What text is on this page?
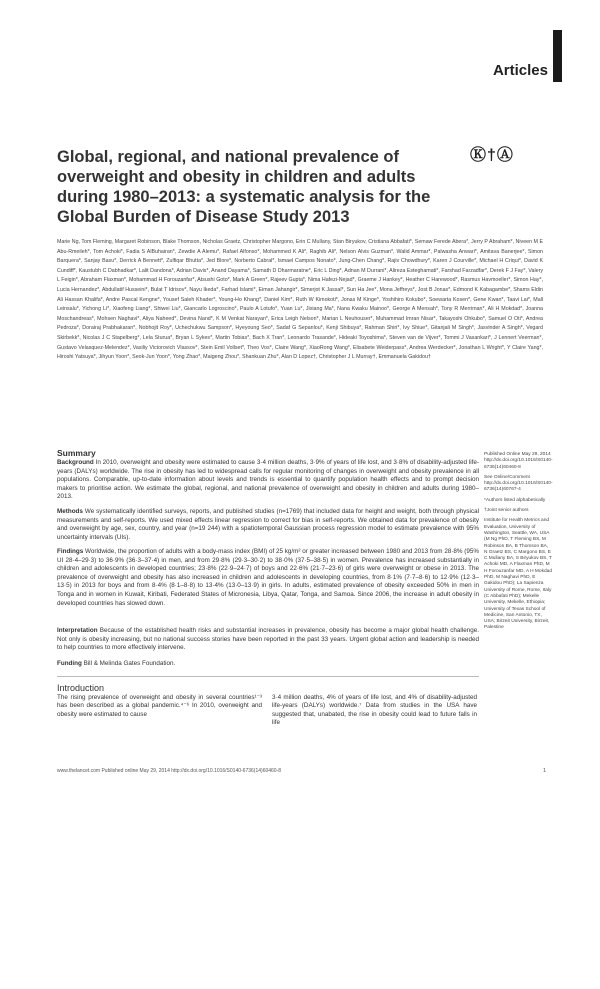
Articles
Ⓚ†Ⓐ
Global, regional, and national prevalence of overweight and obesity in children and adults during 1980–2013: a systematic analysis for the Global Burden of Disease Study 2013

Marie Ng, Tom Fleming, Margaret Robinson, Blake Thomson, Nicholas Graetz, Christopher Margono, Erin C Mullany, Stan Biryukov, Cristiana Abbafati*, Semaw Ferede Abera*, Jerry P Abraham*, Niveen M E Abu-Rmeileh*, Tom Achoki*, Fadia S AlBuhairan*, Zewdie A Alemu*, Rafael Alfonso*, Mohammed K Ali*, Raghib Ali*, Nelson Alvis Guzman*, Walid Ammar*, Palwasha Anwari*, Amitava Banerjee*, Simon Barquera*, Sanjay Basu*, Derrick A Bennett*, Zulfiqar Bhutta*, Jed Blore*, Norberto Cabral*, Ismael Campos Nonato*, Jung-Chen Chang*, Rajiv Chowdhury*, Karen J Courville*, Michael H Criqui*, David K Cundiff*, Kaustubh C Dabhadkar*, Lalit Dandona*, Adrian Davis*, Anand Dayama*, Samath D Dharmaratne*, Eric L Ding*, Adnan M Durrani*, Alireza Esteghamati*, Farshad Farzadfar*, Derek F J Fay*, Valery L Feigin*, Abraham Flaxman*, Mohammad H Forouzanfar*, Atsushi Goto*, Mark A Green*, Rajeev Gupta*, Nima Hafezi-Nejad*, Graeme J Hankey*, Heather C Harewood*, Rasmus Havmoeller*, Simon Hay*, Lucia Hernandez*, Abdullatif Husseini*, Bulat T Idrisov*, Nayu Ikeda*, Farhad Islami*, Eiman Jahangir*, Simerjot K Jassal*, Sun Ha Jee*, Mona Jeffreys*, Jost B Jonas*, Edmond K Kabagambe*, Shams Eldin Ali Hassan Khalifa*, Andre Pascal Kengne*, Yousef Saleh Khader*, Young-Ho Khang*, Daniel Kim*, Ruth W Kimokoti*, Jonas M Kinge*, Yoshihiro Kokubo*, Soewarta Kosen*, Gene Kwan*, Taavi Lai*, Mall Leinsalu*, Yichong Li*, Xiaofeng Liang*, Shiwei Liu*, Giancarlo Logroscino*, Paulo A Lotufo*, Yuan Lu*, Jixiang Ma*, Nana Kwaku Mainoo*, George A Mensah*, Tony R Merriman*, Ali H Mokdad*, Joanna Moschandreas*, Mohsen Naghavi*, Aliya Naheed*, Devina Nand*, K M Venkat Narayan*, Erica Leigh Nelson*, Marian L Neuhouser*, Muhammad Imran Nisar*, Takayoshi Ohkubo*, Samuel O Oti*, Andrea Pedroza*, Dorairaj Prabhakaran*, Nobhojit Roy*, Uchechukwu Sampson*, Hyeyoung Seo*, Sadaf G Sepanlou*, Kenji Shibuya*, Rahman Shiri*, Ivy Shiue*, Gitanjali M Singh*, Jasvinder A Singh*, Vegard Skirbekk*, Nicolas J C Stapelberg*, Lela Sturua*, Bryan L Sykes*, Martin Tobias*, Bach X Tran*, Leonardo Trasande*, Hideaki Toyoshima*, Steven van de Vijver*, Tommi J Vasankari*, J Lennert Veerman*, Gustavo Velasquez-Melendez*, Vasiliy Victorovich Vlassov*, Stein Emil Vollset*, Theo Vos*, Claire Wang*, XiaoRong Wang*, Elisabete Weiderpass*, Andrea Werdecker*, Jonathan L Wright*, Y Claire Yang*, Hiroshi Yatsuya*, Jihyun Yoon*, Seok-Jun Yoon*, Yong Zhao*, Maigeng Zhou*, Shankuan Zhu*, Alan D Lopez†, Christopher J L Murray†, Emmanuela Gakidou†

Summary

Background In 2010, overweight and obesity were estimated to cause 3·4 million deaths, 3·9% of years of life lost, and 3·8% of disability-adjusted life-years (DALYs) worldwide. The rise in obesity has led to widespread calls for regular monitoring of changes in overweight and obesity prevalence in all populations. Comparable, up-to-date information about levels and trends is essential to quantify population health effects and to prompt decision makers to prioritise action. We estimate the global, regional, and national prevalence of overweight and obesity in children and adults during 1980–2013.

Methods We systematically identified surveys, reports, and published studies (n=1769) that included data for height and weight, both through physical measurements and self-reports. We used mixed effects linear regression to correct for bias in self-reports. We obtained data for prevalence of obesity and overweight by age, sex, country, and year (n=19 244) with a spatiotemporal Gaussian process regression model to estimate prevalence with 95% uncertainty intervals (UIs).

Findings Worldwide, the proportion of adults with a body-mass index (BMI) of 25 kg/m² or greater increased between 1980 and 2013 from 28·8% (95% UI 28·4–29·3) to 36·9% (36·3–37·4) in men, and from 29·8% (29·3–30·2) to 38·0% (37·5–38·5) in women. Prevalence has increased substantially in children and adolescents in developed countries; 23·8% (22·9–24·7) of boys and 22·6% (21·7–23·6) of girls were overweight or obese in 2013. The prevalence of overweight and obesity has also increased in children and adolescents in developing countries, from 8·1% (7·7–8·6) to 12·9% (12·3–13·5) in 2013 for boys and from 8·4% (8·1–8·8) to 13·4% (13·0–13·9) in girls. In adults, estimated prevalence of obesity exceeded 50% in men in Tonga and in women in Kuwait, Kiribati, Federated States of Micronesia, Libya, Qatar, Tonga, and Samoa. Since 2006, the increase in adult obesity in developed countries has slowed down.

Interpretation Because of the established health risks and substantial increases in prevalence, obesity has become a major global health challenge. Not only is obesity increasing, but no national success stories have been reported in the past 33 years. Urgent global action and leadership is needed to help countries to more effectively intervene.

Funding Bill & Melinda Gates Foundation.

Published Online May 29, 2014 http://dx.doi.org/10.1016/S0140-6736(14)60460-8

See Online/Comment http://dx.doi.org/10.1016/S0140-6736(14)60767-4

*Authors listed alphabetically

†Joint senior authors

Institute for Health Metrics and Evaluation, University of Washington, Seattle, WA, USA (M Ng PhD, T Fleming BS, M Robinson BA, B Thomson BA, N Graetz BS, C Margono BS, E C Mullany BA, S Biryukov BS, T Achoki MD, A Flaxman PhD, M H Forouzanfar MD, A H Mokdad PhD, M Naghavi PhD, E Gakidou PhD); La Sapienza University of Rome, Rome, Italy (C Abbafati PhD); Mekelle University, Mekelle, Ethiopia; University of Texas School of Medicine, San Antonio, TX, USA; Birzeit University, Birzeit, Palestine

Introduction

The rising prevalence of overweight and obesity in several countries¹⁻³ has been described as a global pandemic.⁴⁻⁶ In 2010, overweight and obesity were estimated to cause

3·4 million deaths, 4% of years of life lost, and 4% of disability-adjusted life-years (DALYs) worldwide.⁷ Data from studies in the USA have suggested that, unabated, the rise in obesity could lead to future falls in life

www.thelancet.com Published online May 29, 2014 http://dx.doi.org/10.1016/S0140-6736(14)60460-8	1
